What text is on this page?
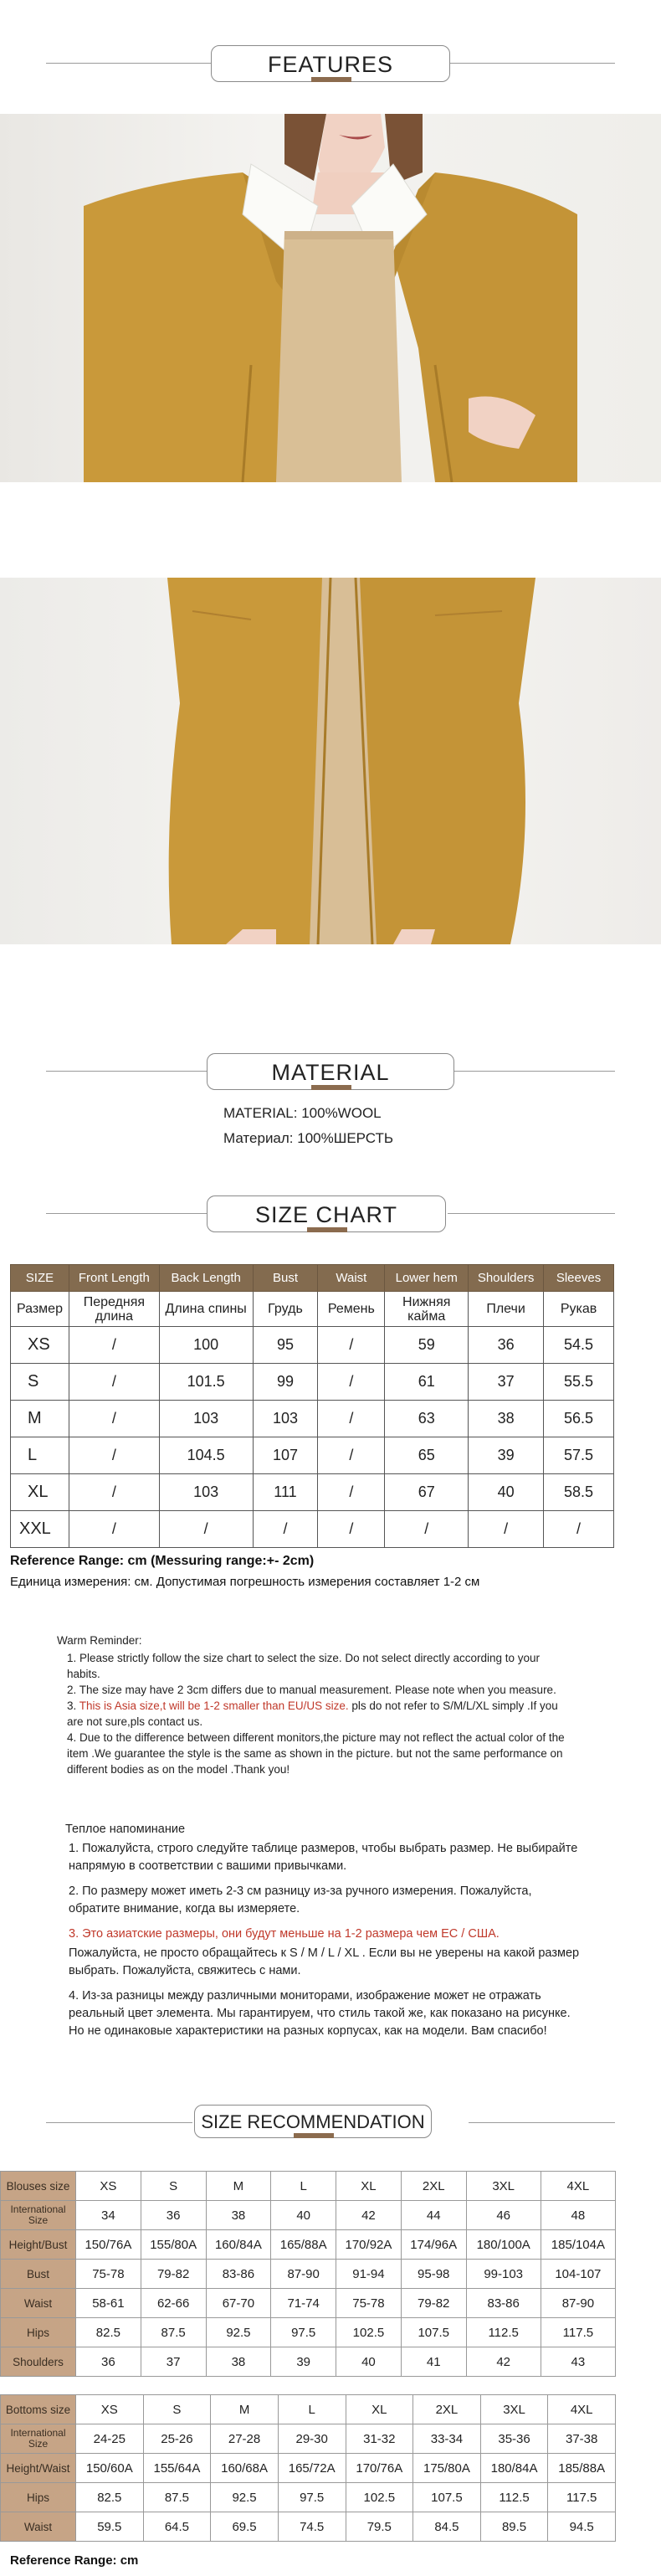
FEATURES
MATERIAL
MATERIAL: 100%WOOL
Материал: 100%ШЕРСТЬ
SIZE CHART
SIZE	Front Length	Back Length	Bust	Waist	Lower hem	Shoulders	Sleeves
Размер	Передняя длина	Длина спины	Грудь	Ремень	Нижняя кайма	Плечи	Рукав
XS	/	100	95	/	59	36	54.5
S	/	101.5	99	/	61	37	55.5
M	/	103	103	/	63	38	56.5
L	/	104.5	107	/	65	39	57.5
XL	/	103	111	/	67	40	58.5
XXL	/	/	/	/	/	/	/
Reference Range: cm (Messuring range:+- 2cm)
Единица измерения: см. Допустимая погрешность измерения составляет 1-2 см
Warm Reminder:
1. Please strictly follow the size chart to select the size. Do not select directly according to your habits.
2. The size may have 2 3cm differs due to manual measurement. Please note when you measure.
3. This is Asia size,t will be 1-2 smaller than EU/US size. pls do not refer to S/M/L/XL simply .If you are not sure,pls contact us.
4. Due to the difference between different monitors,the picture may not reflect the actual color of the item .We guarantee the style is the same as shown in the picture. but not the same performance on different bodies as on the model .Thank you!

Теплое напоминание

1. Пожалуйста, строго следуйте таблице размеров, чтобы выбрать размер. Не выбирайте напрямую в соответствии с вашими привычками.

2. По размеру может иметь 2-3 см разницу из-за ручного измерения. Пожалуйста, обратите внимание, когда вы измеряете.

3. Это азиатские размеры, они будут меньше на 1-2 размера чем ЕС / США.

Пожалуйста, не просто обращайтесь к S / M / L / XL . Если вы не уверены на какой размер выбрать. Пожалуйста, свяжитесь с нами.

4. Из-за разницы между различными мониторами, изображение может не отражать реальный цвет элемента. Мы гарантируем, что стиль такой же, как показано на рисунке. Но не одинаковые характеристики на разных корпусах, как на модели. Вам спасибо!

SIZE RECOMMENDATION
Blouses size	XS	S	M	L	XL	2XL	3XL	4XL
International Size	34	36	38	40	42	44	46	48
Height/Bust	150/76A	155/80A	160/84A	165/88A	170/92A	174/96A	180/100A	185/104A
Bust	75-78	79-82	83-86	87-90	91-94	95-98	99-103	104-107
Waist	58-61	62-66	67-70	71-74	75-78	79-82	83-86	87-90
Hips	82.5	87.5	92.5	97.5	102.5	107.5	112.5	117.5
Shoulders	36	37	38	39	40	41	42	43
Bottoms size	XS	S	M	L	XL	2XL	3XL	4XL
International Size	24-25	25-26	27-28	29-30	31-32	33-34	35-36	37-38
Height/Waist	150/60A	155/64A	160/68A	165/72A	170/76A	175/80A	180/84A	185/88A
Hips	82.5	87.5	92.5	97.5	102.5	107.5	112.5	117.5
Waist	59.5	64.5	69.5	74.5	79.5	84.5	89.5	94.5
Reference Range: cm
